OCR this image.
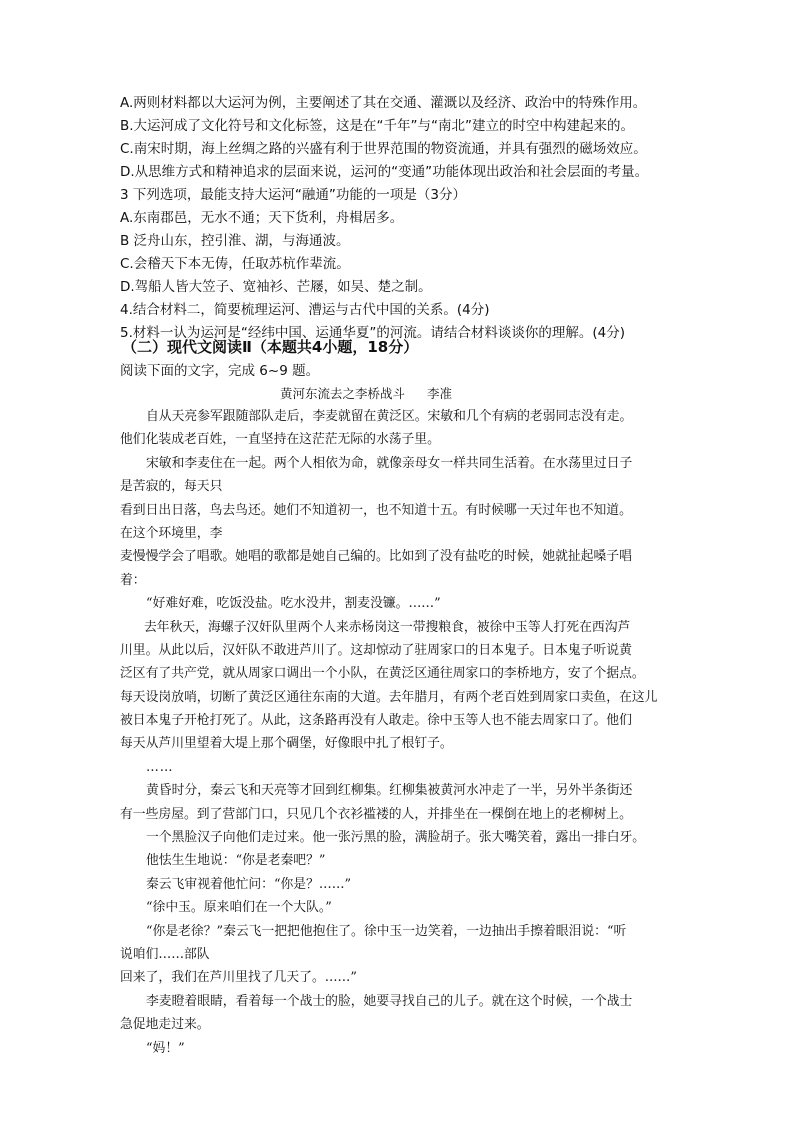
A.两则材料都以大运河为例，主要阐述了其在交通、灌溉以及经济、政治中的特殊作用。
B.大运河成了文化符号和文化标签，这是在“千年”与“南北”建立的时空中构建起来的。
C.南宋时期，海上丝绸之路的兴盛有利于世界范围的物资流通，并具有强烈的磁场效应。
D.从思维方式和精神追求的层面来说，运河的“变通”功能体现出政治和社会层面的考量。
3 下列选项，最能支持大运河“融通”功能的一项是（3分）
A.东南郡邑，无水不通；天下货利，舟楫居多。
B 泛舟山东，控引淮、湖，与海通波。
C.会稽天下本无俦，任取苏杭作辈流。
D.驾船人皆大笠子、宽袖衫、芒屦，如吴、楚之制。
4.结合材料二，简要梳理运河、漕运与古代中国的关系。(4分)
5.材料一认为运河是“经纬中国、运通华夏”的河流。请结合材料谈谈你的理解。(4分)
（二）现代文阅读Ⅱ（本题共4小题，18分）
阅读下面的文字，完成 6~9 题。
黄河东流去之李桥战斗 李准
自从天亮参军跟随部队走后，李麦就留在黄泛区。宋敏和几个有病的老弱同志没有走。
他们化装成老百姓，一直坚持在这茫茫无际的水荡子里。
宋敏和李麦住在一起。两个人相依为命，就像亲母女一样共同生活着。在水荡里过日子
是苦寂的，每天只
看到日出日落，鸟去鸟还。她们不知道初一，也不知道十五。有时候哪一天过年也不知道。
在这个环境里，李
麦慢慢学会了唱歌。她唱的歌都是她自己编的。比如到了没有盐吃的时候，她就扯起嗓子唱
着：
“好难好难，吃饭没盐。吃水没井，割麦没镰。……”
去年秋天，海螺子汉奸队里两个人来赤杨岗这一带搜粮食，被徐中玉等人打死在西沟芦
川里。从此以后，汉奸队不敢进芦川了。这却惊动了驻周家口的日本鬼子。日本鬼子听说黄
泛区有了共产党，就从周家口调出一个小队，在黄泛区通往周家口的李桥地方，安了个据点。
每天设岗放哨，切断了黄泛区通往东南的大道。去年腊月，有两个老百姓到周家口卖鱼，在这儿
被日本鬼子开枪打死了。从此，这条路再没有人敢走。徐中玉等人也不能去周家口了。他们
每天从芦川里望着大堤上那个碉堡，好像眼中扎了根钉子。
……
黄昏时分，秦云飞和天亮等才回到红柳集。红柳集被黄河水冲走了一半，另外半条街还
有一些房屋。到了营部门口，只见几个衣衫褴褛的人，并排坐在一棵倒在地上的老柳树上。
一个黑脸汉子向他们走过来。他一张污黑的脸，满脸胡子。张大嘴笑着，露出一排白牙。
他怯生生地说：“你是老秦吧？”
秦云飞审视着他忙问：“你是？……”
“徐中玉。原来咱们在一个大队。”
“你是老徐？”秦云飞一把把他抱住了。徐中玉一边笑着，一边抽出手擦着眼泪说：“听
说咱们……部队
回来了，我们在芦川里找了几天了。……”
李麦瞪着眼睛，看着每一个战士的脸，她要寻找自己的儿子。就在这个时候，一个战士
急促地走过来。
“妈！”
